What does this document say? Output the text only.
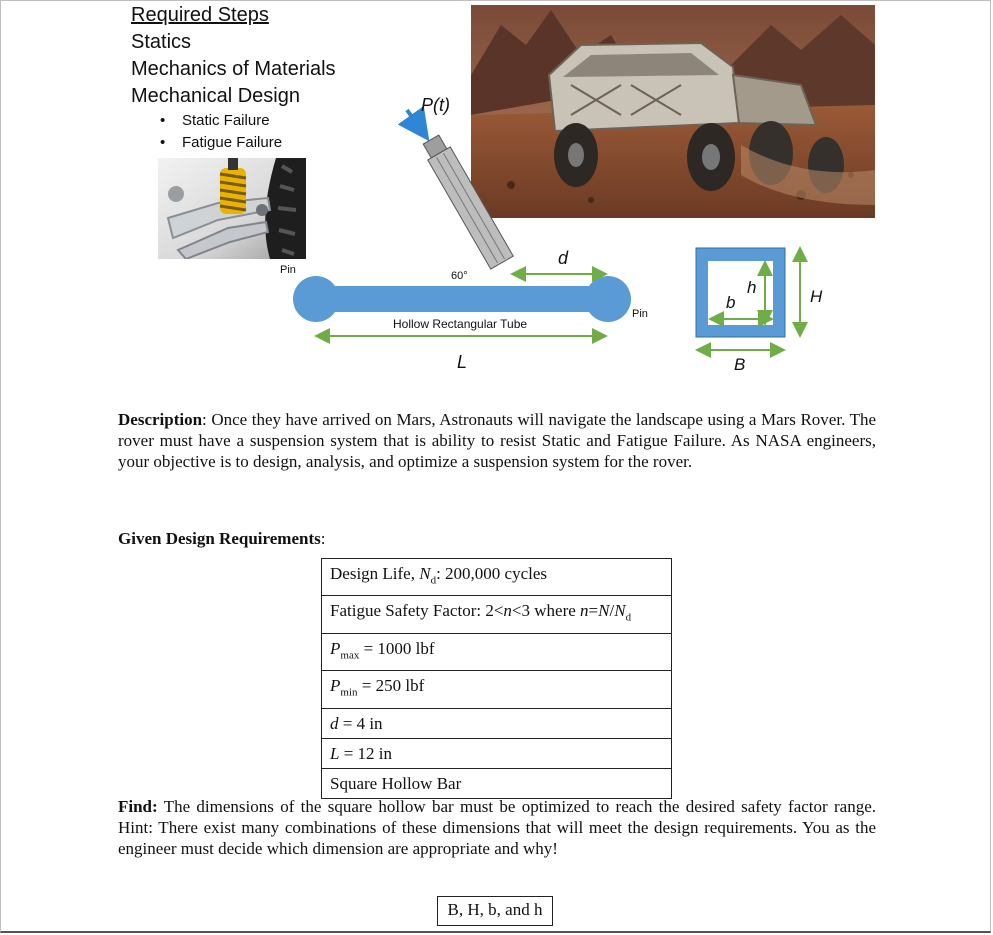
Required Steps
Statics
Mechanics of Materials
Mechanical Design
• Static Failure
• Fatigue Failure
P(t)
60°
Pin
Pin
Hollow Rectangular Tube
d
L
b
h	H
B
Description: Once they have arrived on Mars, Astronauts will navigate the landscape using a Mars Rover. The rover must have a suspension system that is ability to resist Static and Fatigue Failure. As NASA engineers, your objective is to design, analysis, and optimize a suspension system for the rover.
Given Design Requirements:
Design Life, $N_d$: 200,000 cycles
Fatigue Safety Factor: 2<n<3 where $n=N/N_d$
$P_{max} = 1000$ lbf
$P_{min} = 250$ lbf
d = 4 in
L = 12 in
Square Hollow Bar
Find: The dimensions of the square hollow bar must be optimized to reach the desired safety factor range. Hint: There exist many combinations of these dimensions that will meet the design requirements. You as the engineer must decide which dimension are appropriate and why!
B, H, b, and h
